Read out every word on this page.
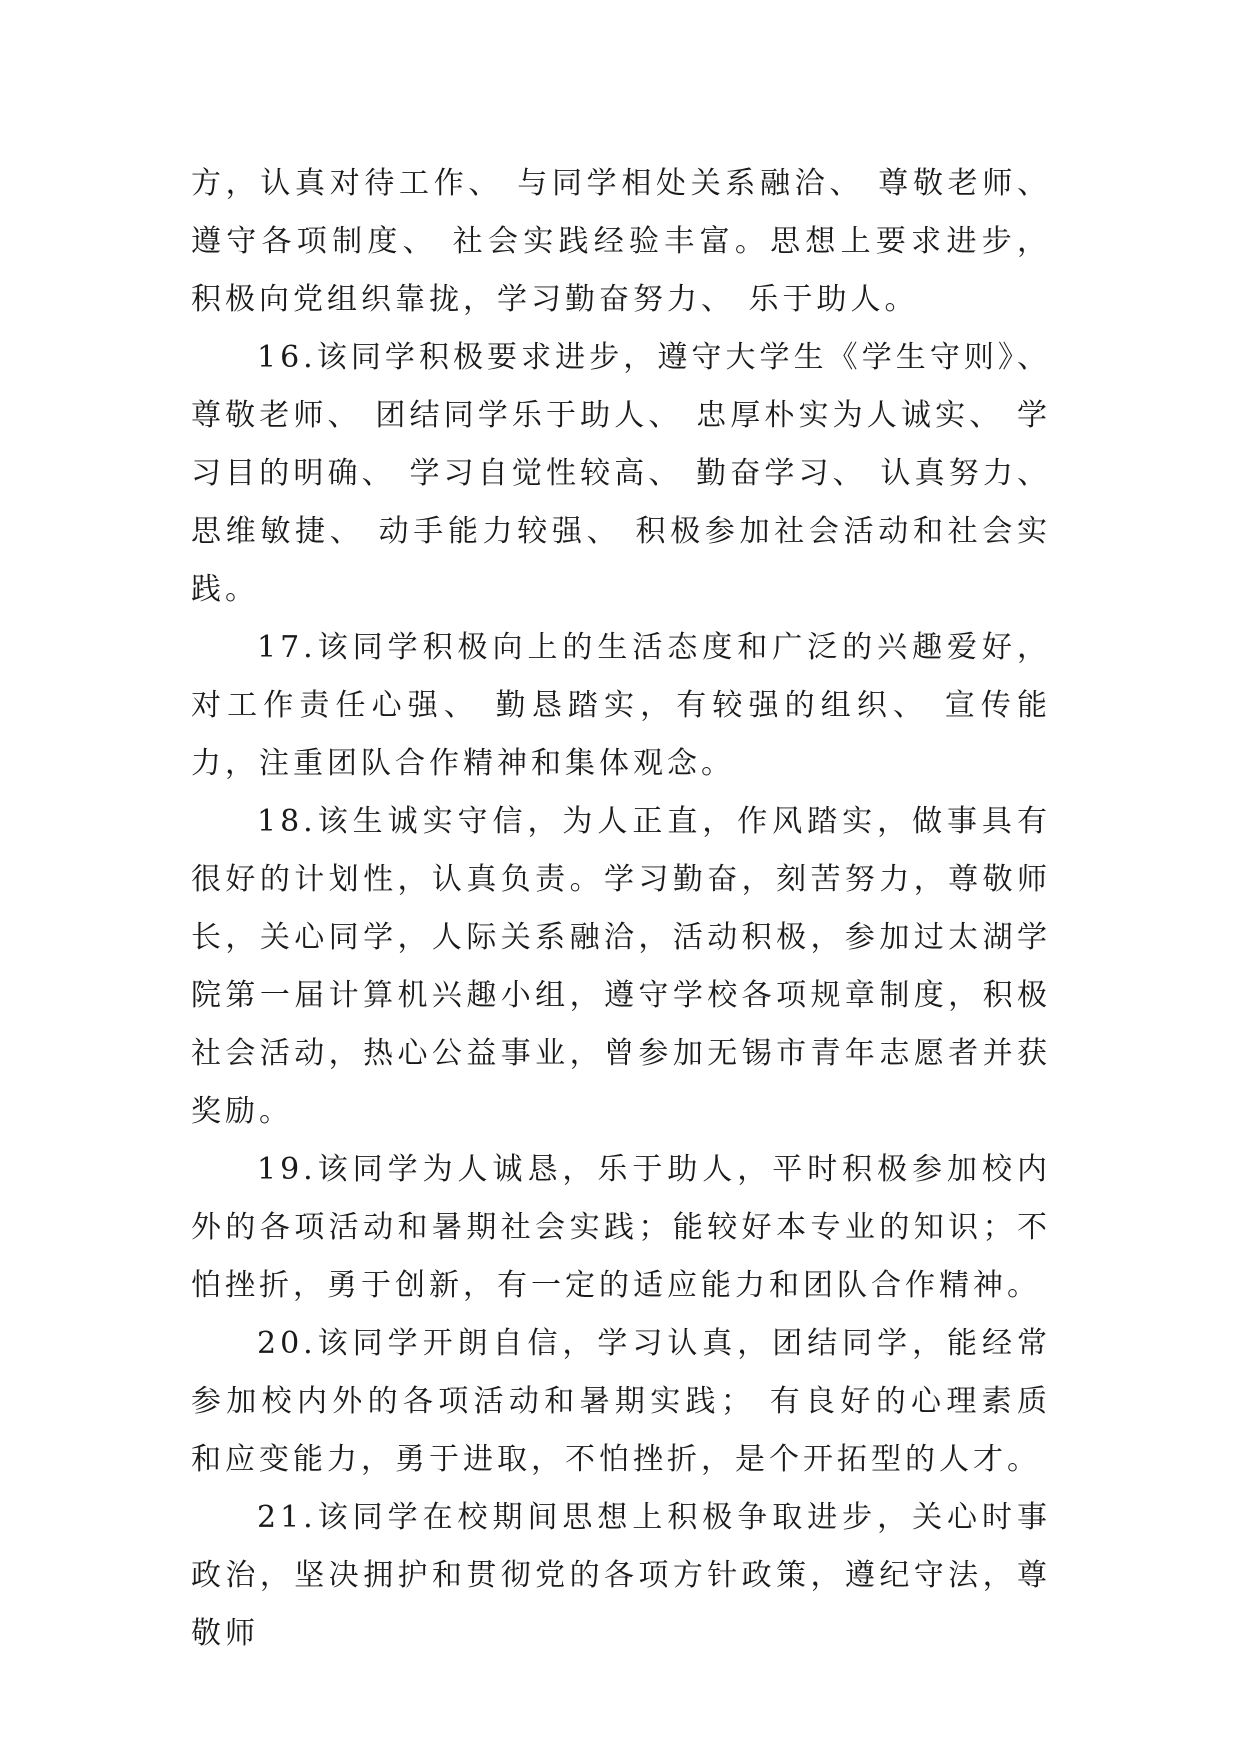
方，认真对待工作、 与同学相处关系融洽、 尊敬老师、遵守各项制度、 社会实践经验丰富。思想上要求进步，积极向党组织靠拢，学习勤奋努力、 乐于助人。

16.该同学积极要求进步，遵守大学生《学生守则》、尊敬老师、 团结同学乐于助人、 忠厚朴实为人诚实、 学习目的明确、 学习自觉性较高、 勤奋学习、 认真努力、思维敏捷、 动手能力较强、 积极参加社会活动和社会实践。

17.该同学积极向上的生活态度和广泛的兴趣爱好，对工作责任心强、 勤恳踏实，有较强的组织、 宣传能力，注重团队合作精神和集体观念。

18.该生诚实守信，为人正直，作风踏实，做事具有很好的计划性，认真负责。学习勤奋，刻苦努力，尊敬师长，关心同学，人际关系融洽，活动积极，参加过太湖学院第一届计算机兴趣小组，遵守学校各项规章制度，积极社会活动，热心公益事业，曾参加无锡市青年志愿者并获奖励。

19.该同学为人诚恳，乐于助人，平时积极参加校内外的各项活动和暑期社会实践；能较好本专业的知识；不怕挫折，勇于创新，有一定的适应能力和团队合作精神。

20.该同学开朗自信，学习认真，团结同学，能经常参加校内外的各项活动和暑期实践； 有良好的心理素质和应变能力，勇于进取，不怕挫折，是个开拓型的人才。

21.该同学在校期间思想上积极争取进步，关心时事政治，坚决拥护和贯彻党的各项方针政策，遵纪守法，尊敬师
